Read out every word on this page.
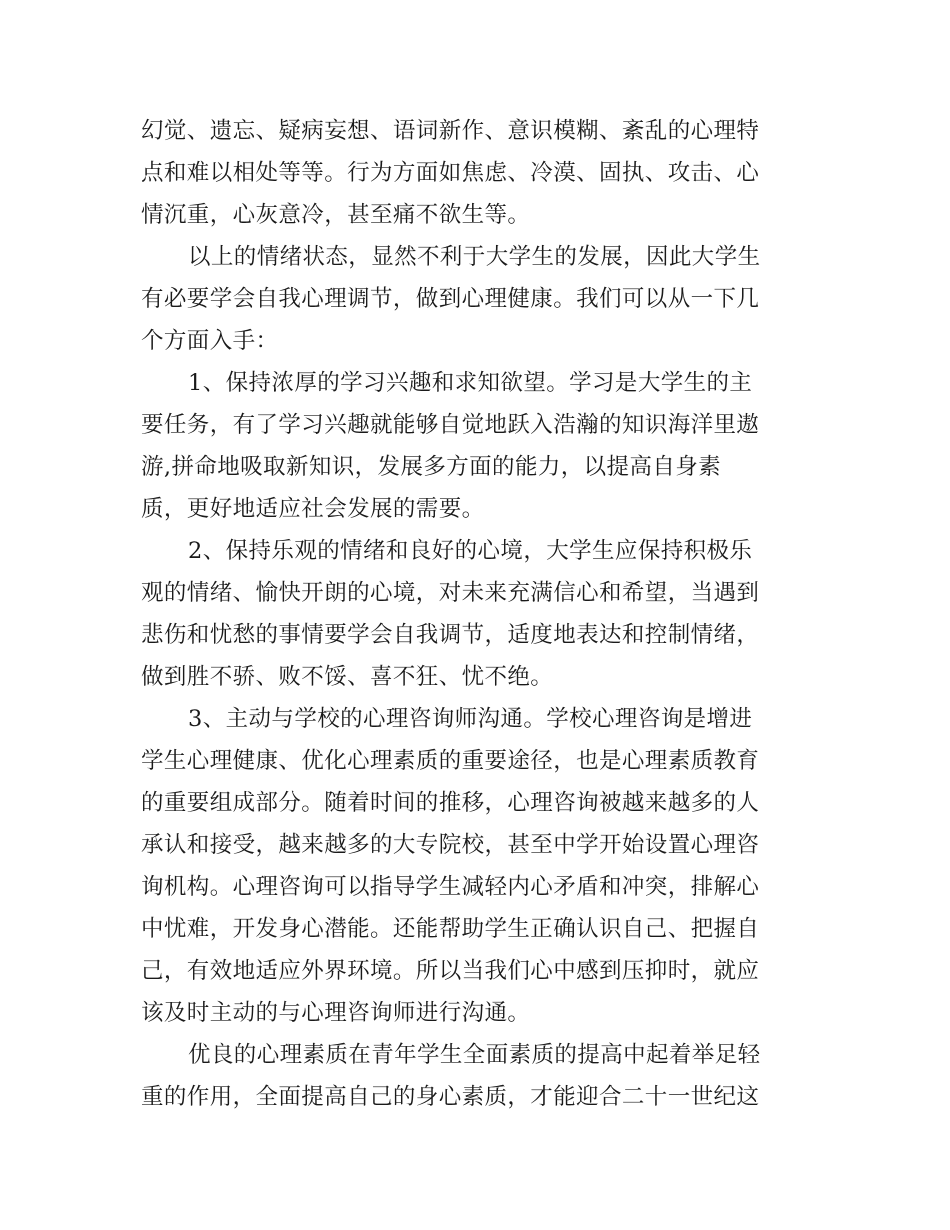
幻觉、遗忘、疑病妄想、语词新作、意识模糊、紊乱的心理特
点和难以相处等等。行为方面如焦虑、冷漠、固执、攻击、心
情沉重，心灰意冷，甚至痛不欲生等。
以上的情绪状态，显然不利于大学生的发展，因此大学生
有必要学会自我心理调节，做到心理健康。我们可以从一下几
个方面入手：
1、保持浓厚的学习兴趣和求知欲望。学习是大学生的主
要任务，有了学习兴趣就能够自觉地跃入浩瀚的知识海洋里遨
游,拼命地吸取新知识，发展多方面的能力，以提高自身素
质，更好地适应社会发展的需要。
2、保持乐观的情绪和良好的心境，大学生应保持积极乐
观的情绪、愉快开朗的心境，对未来充满信心和希望，当遇到
悲伤和忧愁的事情要学会自我调节，适度地表达和控制情绪，
做到胜不骄、败不馁、喜不狂、忧不绝。
3、主动与学校的心理咨询师沟通。学校心理咨询是增进
学生心理健康、优化心理素质的重要途径，也是心理素质教育
的重要组成部分。随着时间的推移，心理咨询被越来越多的人
承认和接受，越来越多的大专院校，甚至中学开始设置心理咨
询机构。心理咨询可以指导学生减轻内心矛盾和冲突，排解心
中忧难，开发身心潜能。还能帮助学生正确认识自己、把握自
己，有效地适应外界环境。所以当我们心中感到压抑时，就应
该及时主动的与心理咨询师进行沟通。
优良的心理素质在青年学生全面素质的提高中起着举足轻
重的作用，全面提高自己的身心素质，才能迎合二十一世纪这
